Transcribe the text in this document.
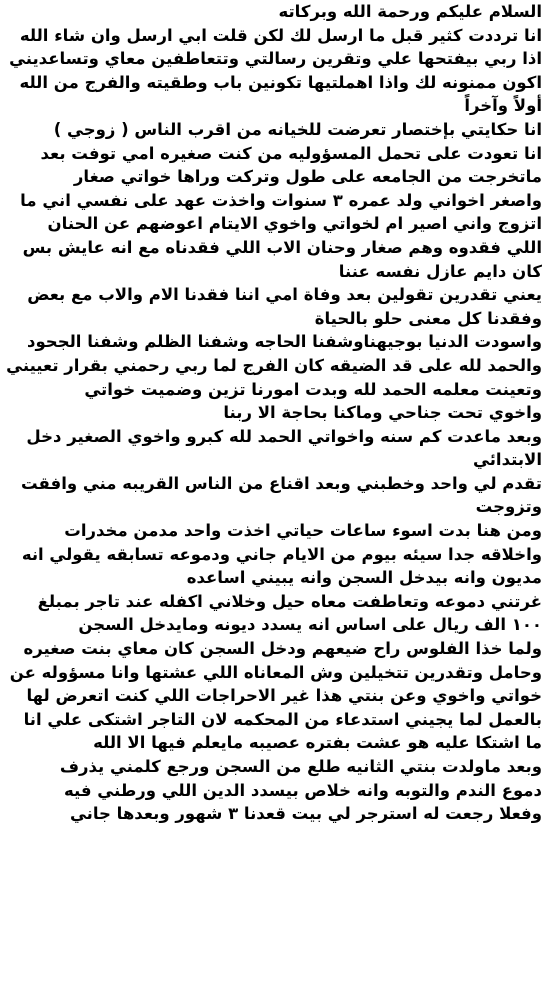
السلام عليكم ورحمة الله وبركاته
انا ترددت كثير قبل ما ارسل لك لكن قلت ابي ارسل وان شاء الله
اذا ربي بيفتحها علي وتقرين رسالتي وتتعاطفين معاي وتساعديني
اكون ممنونه لك واذا اهملتيها تكونين باب وطقيته والفرج من الله
أولاً وآخراً
انا حكايتي بإختصار تعرضت للخيانه من اقرب الناس ( زوجي )
انا تعودت على تحمل المسؤوليه من كنت صغيره امي توفت بعد
ماتخرجت من الجامعه على طول وتركت وراها خواتي صغار
واصغر اخواني ولد عمره ٣ سنوات واخذت عهد على نفسي اني ما
اتزوج واني اصير ام لخواتي واخوي الايتام اعوضهم عن الحنان
اللي فقدوه وهم صغار وحنان الاب اللي فقدناه مع انه عايش بس
كان دايم عازل نفسه عننا
يعني تقدرين تقولين بعد وفاة امي اننا فقدنا الام والاب مع بعض
وفقدنا كل معنى حلو بالحياة
واسودت الدنيا بوجيهناوشفنا الحاجه وشفنا الظلم وشفنا الجحود
والحمد لله على قد الضيقه كان الفرج لما ربي رحمني بقرار تعييني
وتعينت معلمه الحمد لله وبدت امورنا تزين وضميت خواتي
واخوي تحت جناحي وماكنا بحاجة الا ربنا
وبعد ماعدت كم سنه واخواتي الحمد لله كبرو واخوي الصغير دخل
الابتدائي
تقدم لي واحد وخطبني وبعد اقناع من الناس القريبه مني وافقت
وتزوجت
ومن هنا بدت اسوء ساعات حياتي اخذت واحد مدمن مخدرات
واخلاقه جدا سيئه بيوم من الايام جاني ودموعه تسابقه يقولي انه
مديون وانه بيدخل السجن وانه يبيني اساعده
غرتني دموعه وتعاطفت معاه حيل وخلاني اكفله عند تاجر بمبلغ
١٠٠ الف ريال على اساس انه يسدد ديونه ومايدخل السجن
ولما خذا الفلوس راح ضيعهم ودخل السجن كان معاي بنت صغيره
وحامل وتقدرين تتخيلين وش المعاناه اللي عشتها وانا مسؤوله عن
خواتي واخوي وعن بنتي هذا غير الاحراجات اللي كنت اتعرض لها
بالعمل لما يجيني استدعاء من المحكمه لان التاجر اشتكى علي انا
ما اشتكا عليه هو عشت بفتره عصيبه مايعلم فيها الا الله
وبعد ماولدت بنتي الثانيه طلع من السجن ورجع كلمني يذرف
دموع الندم والتوبه وانه خلاص بيسدد الدين اللي ورطني فيه
وفعلا رجعت له استرجر لي بيت قعدنا ٣ شهور وبعدها جاني
